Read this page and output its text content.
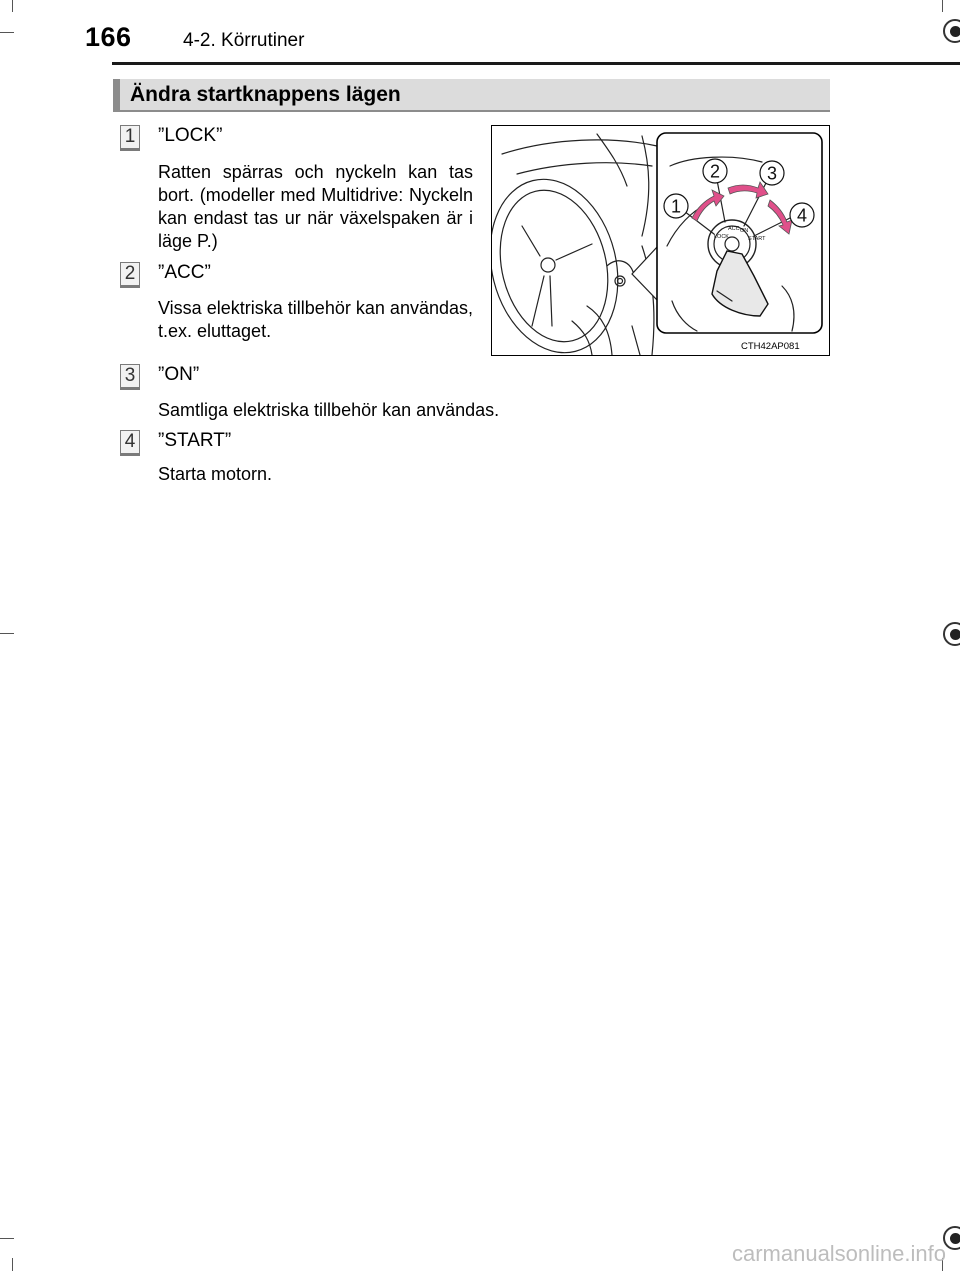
166	4-2. Körrutiner
Ändra startknappens lägen
1 ”LOCK”
Ratten spärras och nyckeln kan tas bort. (modeller med Multidrive: Nyckeln kan endast tas ur när växelspaken är i läge P.)
2 ”ACC”
Vissa elektriska tillbehör kan användas, t.ex. eluttaget.
3 ”ON”
Samtliga elektriska tillbehör kan användas.
4 ”START”
Starta motorn.
LOCK
ACC ON
START
1
2	3
4
CTH42AP081
carmanualsonline.info
